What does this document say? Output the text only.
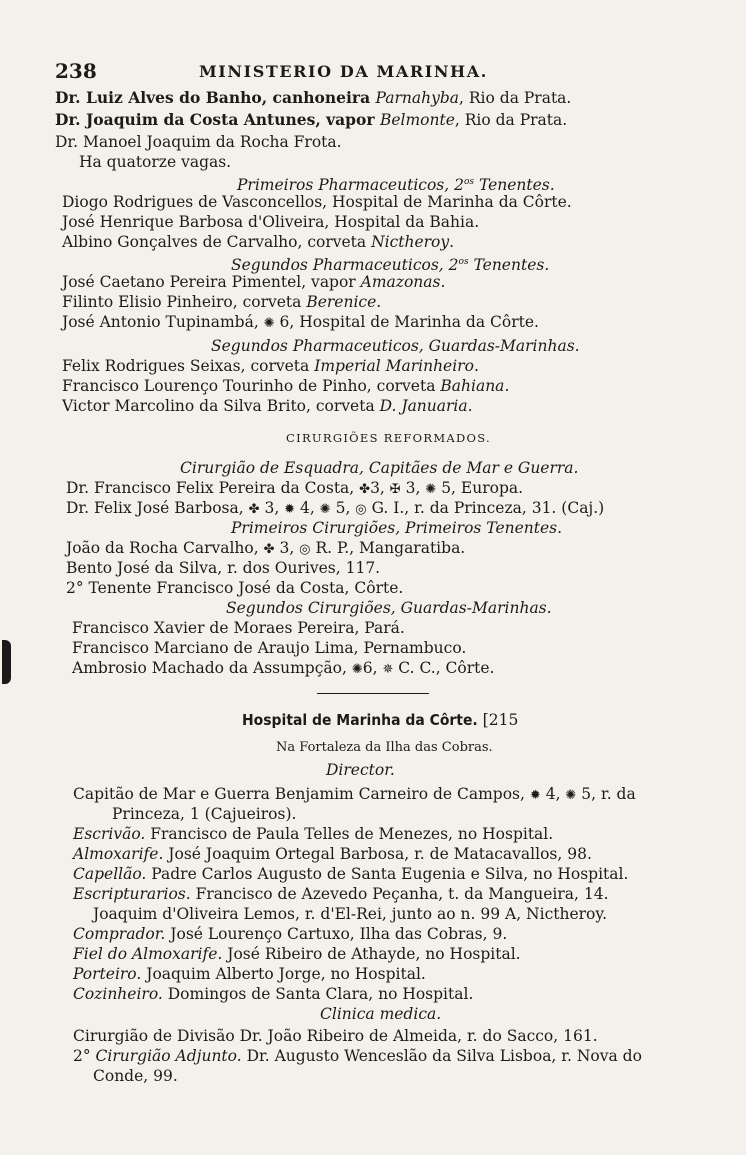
238	MINISTERIO DA MARINHA.
Dr. Luiz Alves do Banho, canhoneira Parnahyba, Rio da Prata.
Dr. Joaquim da Costa Antunes, vapor Belmonte, Rio da Prata.
Dr. Manoel Joaquim da Rocha Frota.
Ha quatorze vagas.
Primeiros Pharmaceuticos, $2^{os}$ Tenentes.
Diogo Rodrigues de Vasconcellos, Hospital de Marinha da Côrte.
José Henrique Barbosa d'Oliveira, Hospital da Bahia.
Albino Gonçalves de Carvalho, corveta Nictheroy.
Segundos Pharmaceuticos, $2^{os}$ Tenentes.
José Caetano Pereira Pimentel, vapor Amazonas.
Filinto Elisio Pinheiro, corveta Berenice.
José Antonio Tupinambá, ✺ 6, Hospital de Marinha da Côrte.
Segundos Pharmaceuticos, Guardas-Marinhas.
Felix Rodrigues Seixas, corveta Imperial Marinheiro.
Francisco Lourenço Tourinho de Pinho, corveta Bahiana.
Victor Marcolino da Silva Brito, corveta D. Januaria.
CIRURGIÕES REFORMADOS.
Cirurgião de Esquadra, Capitães de Mar e Guerra.
Dr. Francisco Felix Pereira da Costa, ✤3, ✠ 3, ✺ 5, Europa.
Dr. Felix José Barbosa, ✤ 3, ✹ 4, ✺ 5, ◎ G. I., r. da Princeza, 31. (Caj.)
Primeiros Cirurgiões, Primeiros Tenentes.
João da Rocha Carvalho, ✤ 3, ◎ R. P., Mangaratiba.
Bento José da Silva, r. dos Ourives, 117.
2° Tenente Francisco José da Costa, Côrte.
Segundos Cirurgiões, Guardas-Marinhas.
Francisco Xavier de Moraes Pereira, Pará.
Francisco Marciano de Araujo Lima, Pernambuco.
Ambrosio Machado da Assumpção, ✺6, ✵ C. C., Côrte.
Hospital de Marinha da Côrte. [215
Na Fortaleza da Ilha das Cobras.
Director.
Capitão de Mar e Guerra Benjamim Carneiro de Campos, ✹ 4, ✺ 5, r. da
Princeza, 1 (Cajueiros).
Escrivão. Francisco de Paula Telles de Menezes, no Hospital.
Almoxarife. José Joaquim Ortegal Barbosa, r. de Matacavallos, 98.
Capellão. Padre Carlos Augusto de Santa Eugenia e Silva, no Hospital.
Escripturarios. Francisco de Azevedo Peçanha, t. da Mangueira, 14.
Joaquim d'Oliveira Lemos, r. d'El-Rei, junto ao n. 99 A, Nictheroy.
Comprador. José Lourenço Cartuxo, Ilha das Cobras, 9.
Fiel do Almoxarife. José Ribeiro de Athayde, no Hospital.
Porteiro. Joaquim Alberto Jorge, no Hospital.
Cozinheiro. Domingos de Santa Clara, no Hospital.
Clinica medica.
Cirurgião de Divisão Dr. João Ribeiro de Almeida, r. do Sacco, 161.
2° Cirurgião Adjunto. Dr. Augusto Wenceslão da Silva Lisboa, r. Nova do
Conde, 99.
